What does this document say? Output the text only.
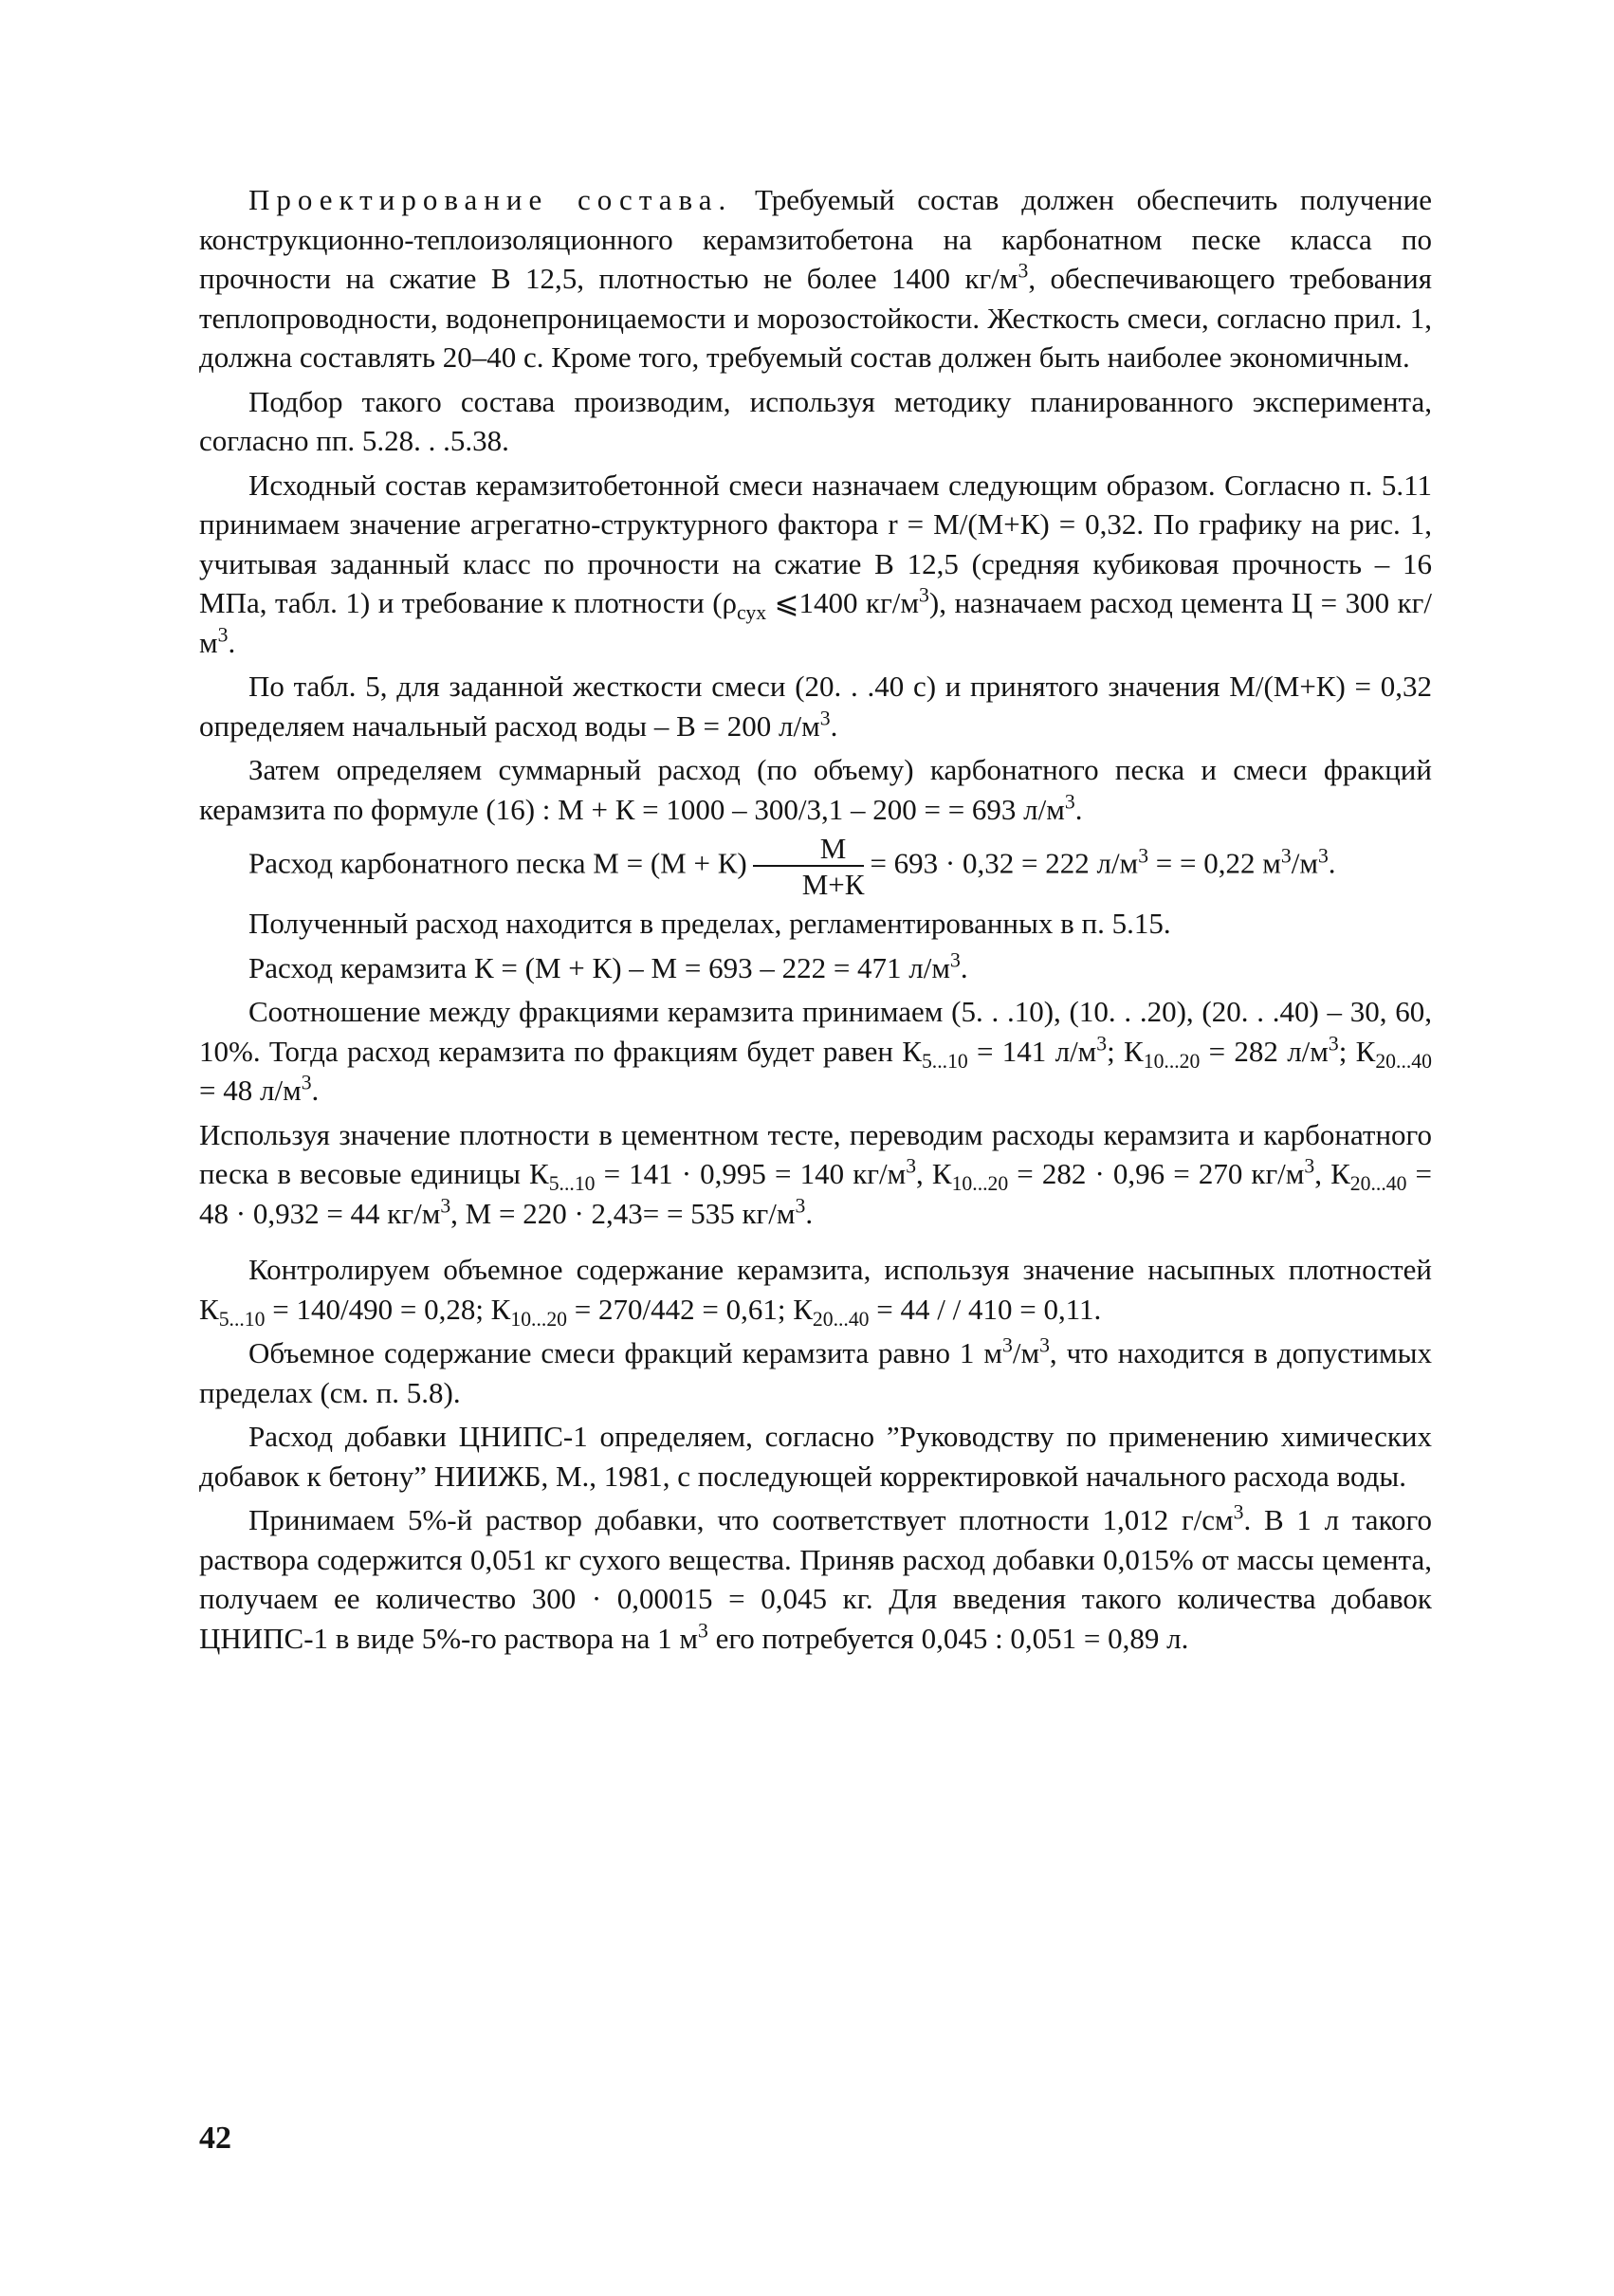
Проектирование состава. Требуемый состав должен обеспечить получение конструкционно-теплоизоляционного керамзитобетона на карбонатном песке класса по прочности на сжатие В 12,5, плотностью не более 1400 $кг/м^3$, обеспечивающего требования теплопроводности, водонепроницаемости и морозостойкости. Жесткость смеси, согласно прил. 1, должна составлять 20–40 с. Кроме того, требуемый состав должен быть наиболее экономичным.

Подбор такого состава производим, используя методику планированного эксперимента, согласно пп. 5.28. . .5.38.

Исходный состав керамзитобетонной смеси назначаем следующим образом. Согласно п. 5.11 принимаем значение агрегатно-структурного фактора r = М/(М+К) = 0,32. По графику на рис. 1, учитывая заданный класс по прочности на сжатие В 12,5 (средняя кубиковая прочность – 16 МПа, табл. 1) и требование к плотности ($\rho_{сух}$ ⩽1400 $кг/м^3$), назначаем расход цемента Ц = 300 $кг/м^3$.

По табл. 5, для заданной жесткости смеси (20. . .40 с) и принятого значения М/(М+К) = 0,32 определяем начальный расход воды – В = 200 $л/м^3$.

Затем определяем суммарный расход (по объему) карбонатного песка и смеси фракций керамзита по формуле (16) : М + К = 1000 – 300/3,1 – 200 = = 693 $л/м^3$.

Расход карбонатного песка $М = (М + К) \frac{М}{М+К} = 693 \cdot 0,32 = 222$ $л/м^3$ = = 0,22 $м^3/м^3$.

Полученный расход находится в пределах, регламентированных в п. 5.15.

Расход керамзита К = (М + К) – М = 693 – 222 = 471 $л/м^3$.

Соотношение между фракциями керамзита принимаем (5. . .10), (10. . .20), (20. . .40) – 30, 60, 10%. Тогда расход керамзита по фракциям будет равен $К_{5...10} = 141$ $л/м^3$; $К_{10...20} = 282$ $л/м^3$; $К_{20...40} = 48$ $л/м^3$.

Используя значение плотности в цементном тесте, переводим расходы керамзита и карбонатного песка в весовые единицы $К_{5...10} = 141 \cdot 0,995 = 140$ $кг/м^3$, $К_{10...20} = 282 \cdot 0,96 = 270$ $кг/м^3$, $К_{20...40} = 48 \cdot 0,932 = 44$ $кг/м^3$, М = 220 · 2,43= = 535 $кг/м^3$.

Контролируем объемное содержание керамзита, используя значение насыпных плотностей $К_{5...10} = 140/490 = 0,28$; $К_{10...20} = 270/442 = 0,61$; $К_{20...40} = 44$ / / 410 = 0,11.

Объемное содержание смеси фракций керамзита равно 1 $м^3/м^3$, что находится в допустимых пределах (см. п. 5.8).

Расход добавки ЦНИПС-1 определяем, согласно ”Руководству по применению химических добавок к бетону” НИИЖБ, М., 1981, с последующей корректировкой начального расхода воды.

Принимаем 5%-й раствор добавки, что соответствует плотности 1,012 $г/см^3$. В 1 л такого раствора содержится 0,051 кг сухого вещества. Приняв расход добавки 0,015% от массы цемента, получаем ее количество 300 · 0,00015 = 0,045 кг. Для введения такого количества добавок ЦНИПС-1 в виде 5%-го раствора на 1 $м^3$ его потребуется 0,045 : 0,051 = 0,89 л.

42
